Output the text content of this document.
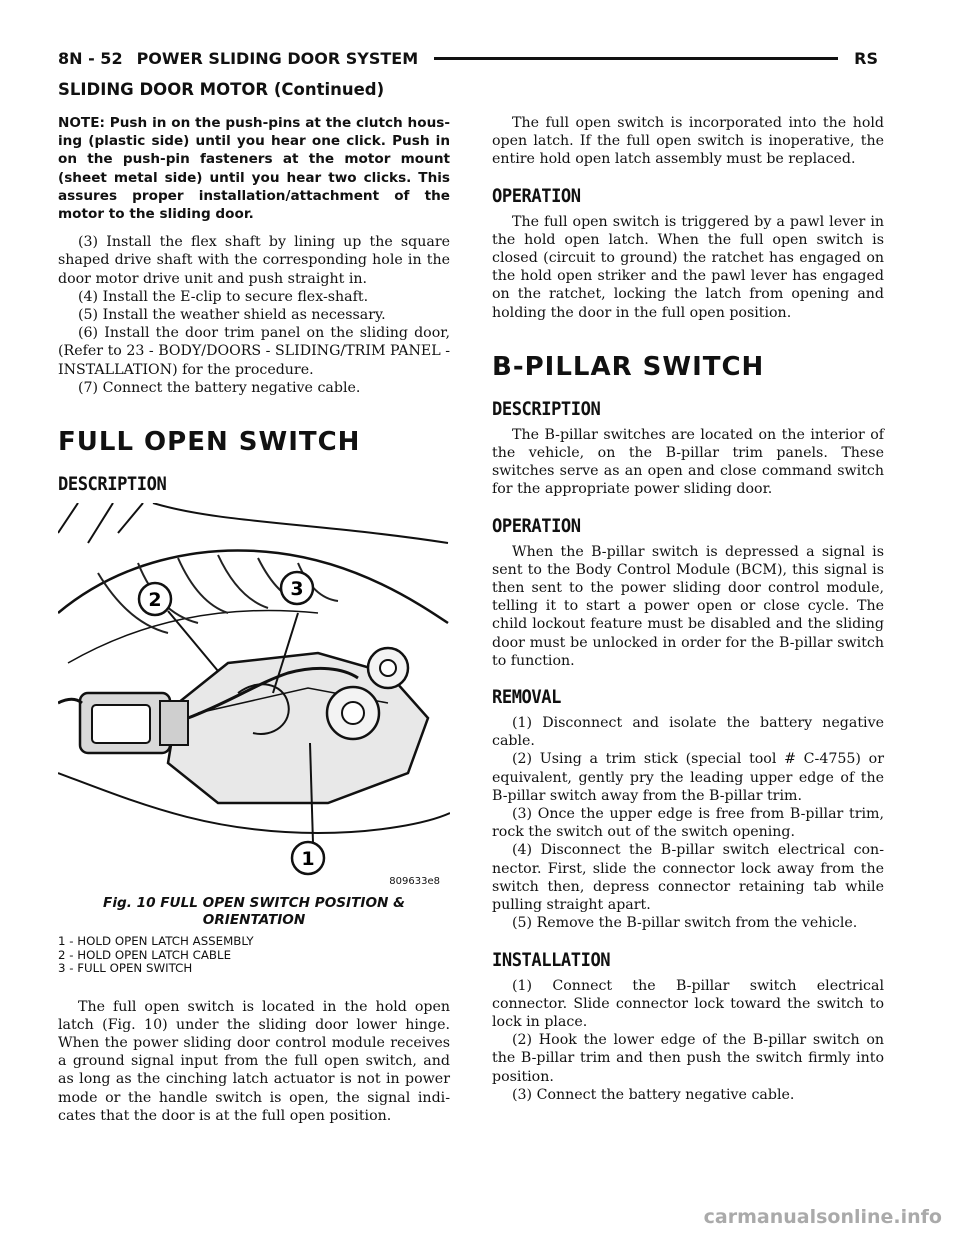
8N - 52 POWER SLIDING DOOR SYSTEM	RS
SLIDING DOOR MOTOR (Continued)
NOTE: Push in on the push-pins at the clutch housing (plastic side) until you hear one click. Push in on the push-pin fasteners at the motor mount (sheet metal side) until you hear two clicks. This assures proper installation/attachment of the motor to the sliding door.

(3) Install the flex shaft by lining up the square shaped drive shaft with the corresponding hole in the door motor drive unit and push straight in.

(4) Install the E-clip to secure flex-shaft.

(5) Install the weather shield as necessary.

(6) Install the door trim panel on the sliding door, (Refer to 23 - BODY/DOORS - SLIDING/TRIM PANEL - INSTALLATION) for the procedure.

(7) Connect the battery negative cable.

FULL OPEN SWITCH
DESCRIPTION
2	3
1
809633e8
Fig. 10 FULL OPEN SWITCH POSITION & ORIENTATION
1 - HOLD OPEN LATCH ASSEMBLY
2 - HOLD OPEN LATCH CABLE
3 - FULL OPEN SWITCH

The full open switch is located in the hold open latch (Fig. 10) under the sliding door lower hinge. When the power sliding door control module receives a ground signal input from the full open switch, and as long as the cinching latch actuator is not in power mode or the handle switch is open, the signal indicates that the door is at the full open position.

The full open switch is incorporated into the hold open latch. If the full open switch is inoperative, the entire hold open latch assembly must be replaced.

OPERATION

The full open switch is triggered by a pawl lever in the hold open latch. When the full open switch is closed (circuit to ground) the ratchet has engaged on the hold open striker and the pawl lever has engaged on the ratchet, locking the latch from opening and holding the door in the full open position.

B-PILLAR SWITCH
DESCRIPTION

The B-pillar switches are located on the interior of the vehicle, on the B-pillar trim panels. These switches serve as an open and close command switch for the appropriate power sliding door.

OPERATION

When the B-pillar switch is depressed a signal is sent to the Body Control Module (BCM), this signal is then sent to the power sliding door control module, telling it to start a power open or close cycle. The child lockout feature must be disabled and the sliding door must be unlocked in order for the B-pillar switch to function.

REMOVAL

(1) Disconnect and isolate the battery negative cable.

(2) Using a trim stick (special tool # C-4755) or equivalent, gently pry the leading upper edge of the B-pillar switch away from the B-pillar trim.

(3) Once the upper edge is free from B-pillar trim, rock the switch out of the switch opening.

(4) Disconnect the B-pillar switch electrical connector. First, slide the connector lock away from the switch then, depress connector retaining tab while pulling straight apart.

(5) Remove the B-pillar switch from the vehicle.

INSTALLATION

(1) Connect the B-pillar switch electrical connector. Slide connector lock toward the switch to lock in place.

(2) Hook the lower edge of the B-pillar switch on the B-pillar trim and then push the switch firmly into position.

(3) Connect the battery negative cable.

carmanualsonline.info
